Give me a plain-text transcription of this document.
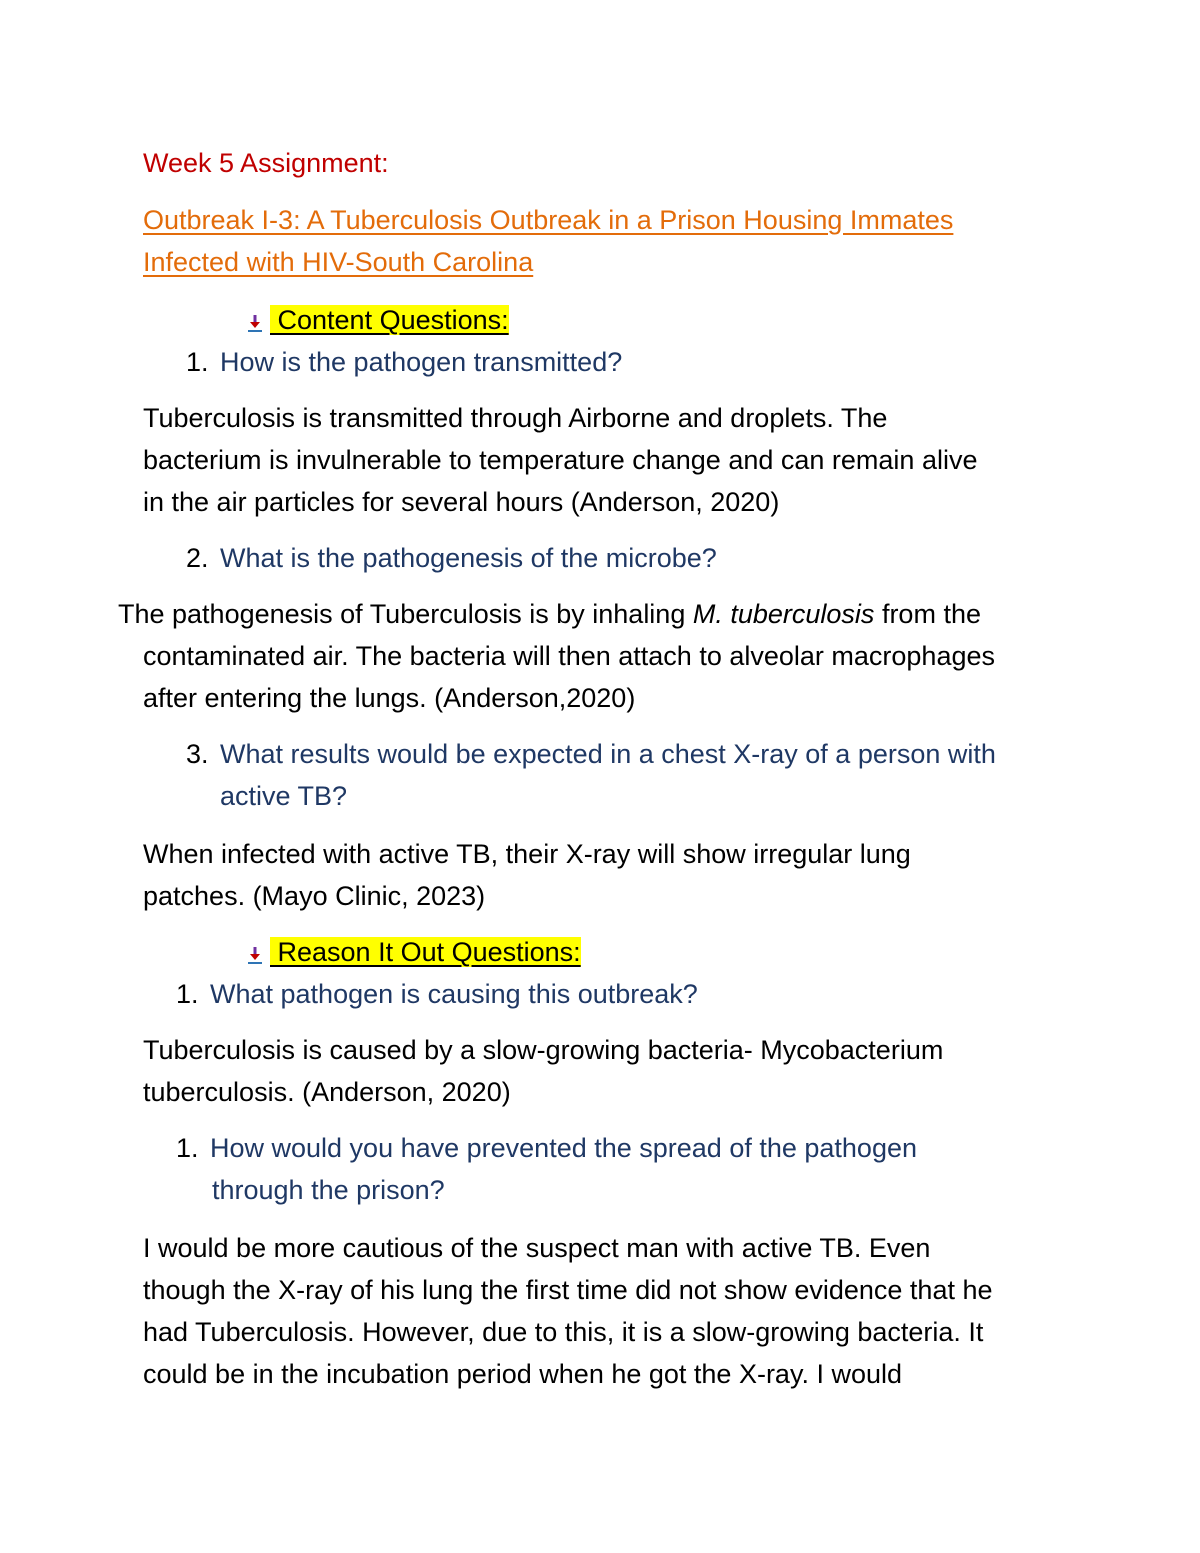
Week 5 Assignment:

Outbreak I-3: A Tuberculosis Outbreak in a Prison Housing Immates

Infected with HIV-South Carolina

Content Questions:

1. How is the pathogen transmitted?

Tuberculosis is transmitted through Airborne and droplets. The

bacterium is invulnerable to temperature change and can remain alive

in the air particles for several hours (Anderson, 2020)

2. What is the pathogenesis of the microbe?

The pathogenesis of Tuberculosis is by inhaling M. tuberculosis from the

contaminated air. The bacteria will then attach to alveolar macrophages

after entering the lungs. (Anderson,2020)

3. What results would be expected in a chest X-ray of a person with

active TB?

When infected with active TB, their X-ray will show irregular lung

patches. (Mayo Clinic, 2023)

Reason It Out Questions:

1. What pathogen is causing this outbreak?

Tuberculosis is caused by a slow-growing bacteria- Mycobacterium

tuberculosis. (Anderson, 2020)

1. How would you have prevented the spread of the pathogen

through the prison?

I would be more cautious of the suspect man with active TB. Even

though the X-ray of his lung the first time did not show evidence that he

had Tuberculosis. However, due to this, it is a slow-growing bacteria. It

could be in the incubation period when he got the X-ray. I would
